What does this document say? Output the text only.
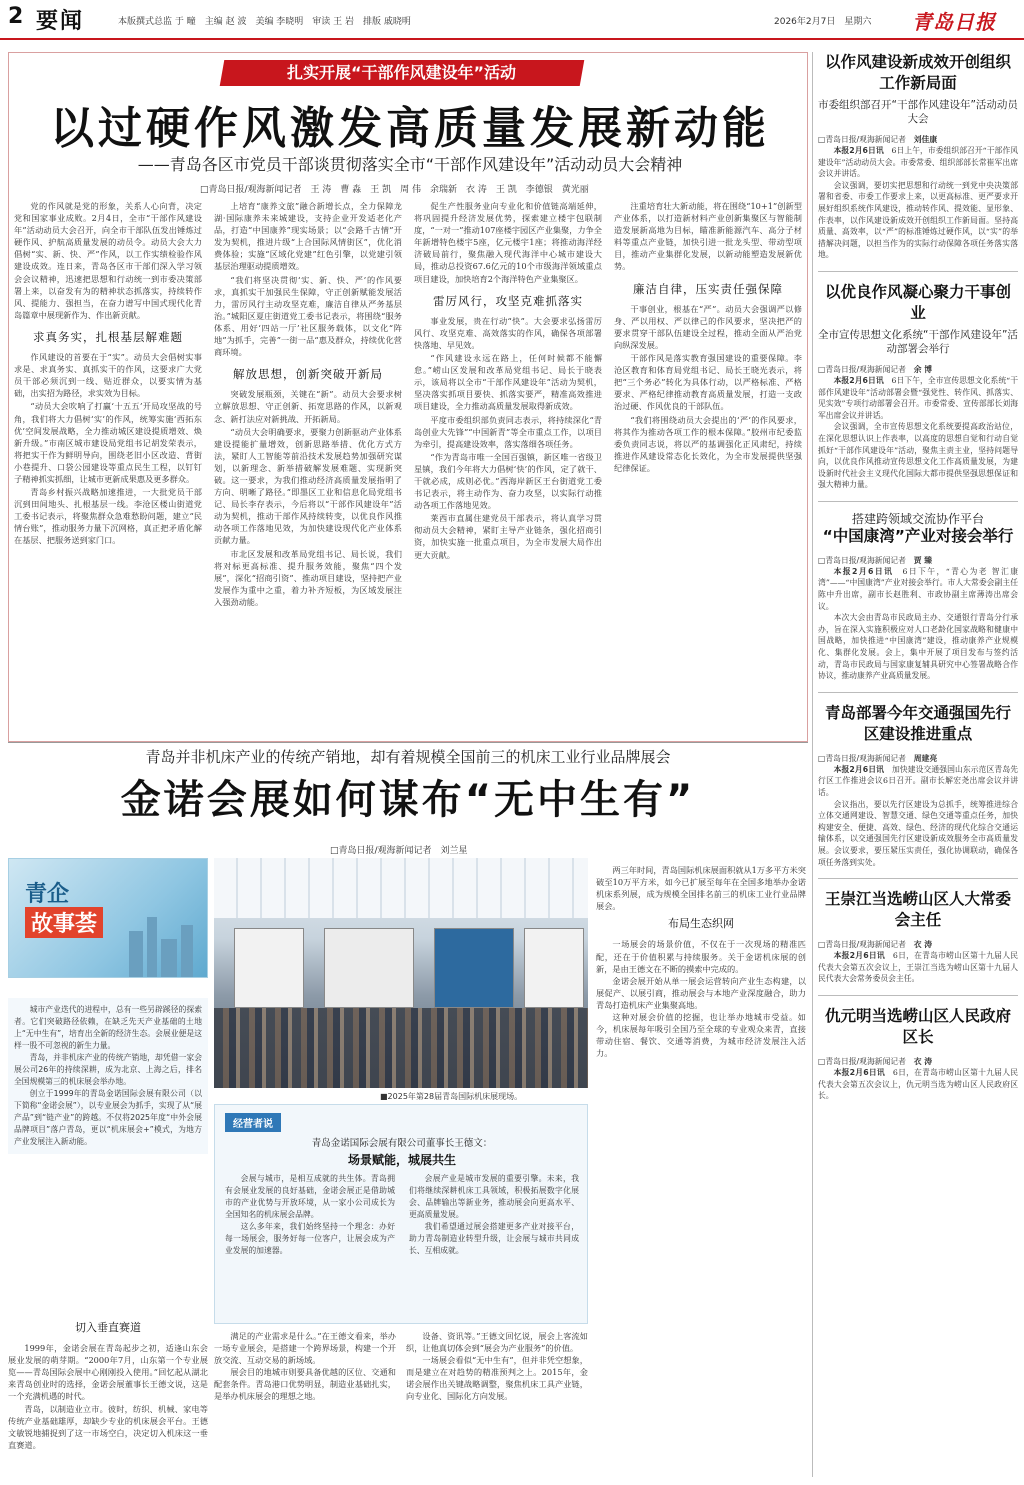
2 要闻	本版撰式总监 于 疃　主编 赵 波　美编 李晓明　审读 王 岩　排版 戚晓明	2026年2月7日　星期六 青岛日报
扎实开展“干部作风建设年”活动
以过硬作风激发高质量发展新动能
——青岛各区市党员干部谈贯彻落实全市“干部作风建设年”活动动员大会精神
□青岛日报/观海新闻记者　王 涛　曹 淼　王 凯　周 伟　余瑞新　衣 涛　王 凯　李德银　黄光丽

党的作风就是党的形象，关系人心向背，决定党和国家事业成败。2月4日，全市“干部作风建设年”活动动员大会召开，向全市干部队伍发出锤炼过硬作风、护航高质量发展的动员令。动员大会大力倡树“实、新、快、严”作风，以工作实绩检验作风建设成效。连日来，青岛各区市干部们深入学习领会会议精神，迅速把思想和行动统一到市委决策部署上来，以奋发有为的精神状态抓落实，持续转作风、提能力、强担当，在奋力谱写中国式现代化青岛篇章中展现新作为、作出新贡献。

求真务实，扎根基层解难题

作风建设的首要在于“实”。动员大会倡树实事求是、求真务实、真抓实干的作风，这要求广大党员干部必须沉到一线、贴近群众，以要实情为基础，出实招为路径，求实效为目标。

“动员大会吹响了打赢‘十五五’开局攻坚战的号角，我们将大力倡树‘实’的作风，统筹实施‘西拓东优’空间发展战略，全力推动城区建设提质增效、焕新升级。”市南区城市建设局党组书记胡发荣表示，将把实干作为鲜明导向，围绕老旧小区改造、背街小巷提升、口袋公园建设等重点民生工程，以钉钉子精神抓实抓细，让城市更新成果惠及更多群众。

青岛乡村振兴战略加速推进，一大批党员干部沉到田间地头、扎根基层一线。李沧区楼山街道党工委书记表示，将聚焦群众急难愁盼问题，建立“民情台账”，推动服务力量下沉网格，真正把矛盾化解在基层、把服务送到家门口。

上培育“康养文旅”融合新增长点，全力保障龙湖·国际康养未来城建设，支持企业开发适老化产品，打造“中国康养”现实场景；以“会路千古情”开发为契机，推进片级“上合国际风情街区”，优化消费体验；实施“区域化党建”红色引擎，以党建引领基层治理驱动提质增效。

“我们将坚决贯彻‘实、新、快、严’的作风要求，真抓实干加强民生保障，守正创新赋能发展活力，雷厉风行主动攻坚克难，廉洁自律从严务基层治。”城阳区夏庄街道党工委书记表示，将围绕“服务体系、用好‘四站一厅’社区服务载体，以文化“阵地”为抓手，完善”一街一品“惠及群众，持续优化营商环境。

解放思想，创新突破开新局

突破发展瓶颈，关键在“新”。动员大会要求树立解放思想、守正创新、拓宽思路的作风，以新观念、新打法应对新挑战、开拓新局。

“动员大会明确要求，要聚力创新驱动产业体系建设提能扩量增效，创新思路举措、优化方式方法，紧盯人工智能等前沿技术发展趋势加强研究谋划，以新理念、新举措破解发展难题、实现新突破。这一要求，为我们推动经济高质量发展指明了方向、明晰了路径。”即墨区工业和信息化局党组书记、局长李存表示，今后将以“干部作风建设年”活动为契机，推动干部作风持续转变，以优良作风推动各项工作落地见效，为加快建设现代化产业体系贡献力量。

市北区发展和改革局党组书记、局长说，我们将对标更高标准、提升服务效能，聚焦“四个发展”，深化“招商引资”、推动项目建设，坚持把产业发展作为重中之重，着力补齐短板，为区域发展注入强劲动能。

促生产性服务业向专业化和价值链高端延伸，将巩固提升经济发展优势，探索建立楼宇包联制度，“一对一”推动107座楼宇园区产业集聚，力争全年新增特色楼宇5座，亿元楼宇1座；将推动海洋经济破局前行，聚焦融入现代海洋中心城市建设大局，推动总投资67.6亿元的10个市级海洋领域重点项目建设，加快培育2个海洋特色产业集聚区。

雷厉风行，攻坚克难抓落实

事业发展，贵在行动“快”。大会要求弘扬雷厉风行、攻坚克难、高效落实的作风，确保各项部署快落地、早见效。

“作风建设永远在路上，任何时候都不能懈怠。”崂山区发展和改革局党组书记、局长于晓表示，该局将以全市“干部作风建设年”活动为契机，坚决落实抓项目要快、抓落实要严，精准高效推进项目建设，全力推动高质量发展取得新成效。

平度市委组织部负责同志表示，将持续深化“青岛创业大先锋”“中国新青”等全市重点工作，以项目为牵引，提高建设效率，落实落细各项任务。

“作为青岛市唯一全国百强镇，新区唯一省级卫星镇，我们今年将大力倡树‘快’的作风，定了就干、干就必成，成则必优。”西海岸新区王台街道党工委书记表示，将主动作为、奋力攻坚，以实际行动推动各项工作落地见效。

莱西市直属住建党员干部表示，将认真学习贯彻动员大会精神，紧盯主导产业链条，强化招商引资，加快实施一批重点项目，为全市发展大局作出更大贡献。

注重培育壮大新动能，将在围绕“10+1”创新型产业体系，以打造新材料产业创新集聚区与智能制造发展新高地为目标，瞄准新能源汽车、高分子材料等重点产业链，加快引进一批龙头型、带动型项目，推动产业集群化发展，以新动能塑造发展新优势。

廉洁自律，压实责任强保障

干事创业，根基在“严”。动员大会强调严以修身、严以用权、严以律己的作风要求，坚决把严的要求贯穿干部队伍建设全过程，推动全面从严治党向纵深发展。

干部作风是落实教育强国建设的重要保障。李沧区教育和体育局党组书记、局长王晓光表示，将把“三个务必”转化为具体行动，以严格标准、严格要求、严格纪律推动教育高质量发展，打造一支政治过硬、作风优良的干部队伍。

“我们将围绕动员大会提出的‘严’的作风要求，将其作为推动各项工作的根本保障。”胶州市纪委监委负责同志说，将以严的基调强化正风肃纪，持续推进作风建设常态化长效化，为全市发展提供坚强纪律保证。

以作风建设新成效开创组织工作新局面
市委组织部召开“干部作风建设年”活动动员大会
□青岛日报/观海新闻记者　 刘佳康

本报2月6日讯　 6日上午，市委组织部召开“干部作风建设年”活动动员大会。市委常委、组织部部长常崔军出席会议并讲话。

会议强调，要切实把思想和行动统一到党中央决策部署和省委、市委工作要求上来，以更高标准、更严要求开展好组织系统作风建设，推动转作风、提效能、显形象、作表率，以作风建设新成效开创组织工作新局面。坚持高质量、高效率，以“严”的标准锤炼过硬作风，以“实”的举措解决问题，以担当作为的实际行动保障各项任务落实落地。

以优良作风凝心聚力干事创业
全市宣传思想文化系统“干部作风建设年”活动部署会举行
□青岛日报/观海新闻记者　 余 博

本报2月6日讯　 6日下午，全市宣传思想文化系统“干部作风建设年”活动部署会暨“强党性、转作风、抓落实、见实效”专项行动部署会召开。市委常委、宣传部部长刘海军出席会议并讲话。

会议强调，全市宣传思想文化系统要提高政治站位，在深化思想认识上作表率，以高度的思想自觉和行动自觉抓好“干部作风建设年”活动，聚焦主责主业，坚持问题导向，以优良作风推动宣传思想文化工作高质量发展，为建设新时代社会主义现代化国际大都市提供坚强思想保证和强大精神力量。

搭建跨领域交流协作平台
“中国康湾”产业对接会举行
□青岛日报/观海新闻记者　 贾 臻

本报2月6日讯　 6日下午，“青心为老 智汇康湾”——“中国康湾”产业对接会举行。市人大常委会副主任陈中升出席，副市长赵胜利、市政协副主席薄涛出席会议。

本次大会由青岛市民政局主办、交通银行青岛分行承办，旨在深入实施积极应对人口老龄化国家战略和健康中国战略，加快推进“中国康湾”建设，推动康养产业规模化、集群化发展。会上，集中开展了项目发布与签约活动，青岛市民政局与国家康复辅具研究中心签署战略合作协议，推动康养产业高质量发展。

青岛部署今年交通强国先行区建设推进重点
□青岛日报/观海新闻记者　 周建亮

本报2月6日讯　 加快建设交通强国山东示范区青岛先行区工作推进会议6日召开。副市长解宏尧出席会议并讲话。

会议指出，要以先行区建设为总抓手，统筹推进综合立体交通网建设、智慧交通、绿色交通等重点任务，加快构建安全、便捷、高效、绿色、经济的现代化综合交通运输体系，以交通强国先行区建设新成效服务全市高质量发展。会议要求，要压紧压实责任，强化协调联动，确保各项任务落到实处。

王崇江当选崂山区人大常委会主任
□青岛日报/观海新闻记者　 衣 涛

本报2月6日讯　 6日，在青岛市崂山区第十九届人民代表大会第五次会议上，王崇江当选为崂山区第十九届人民代表大会常务委员会主任。

仇元明当选崂山区人民政府区长
□青岛日报/观海新闻记者　 衣 涛

本报2月6日讯　 6日，在青岛市崂山区第十九届人民代表大会第五次会议上，仇元明当选为崂山区人民政府区长。

青岛并非机床产业的传统产销地，却有着规模全国前三的机床工业行业品牌展会
金诺会展如何谋布“无中生有”
□青岛日报/观海新闻记者　刘兰星
青企
故事荟

城市产业迭代的进程中，总有一些另辟蹊径的探索者。它们突破路径依赖，在缺乏先天产业基础的土地上“无中生有”，培育出全新的经济生态。会展业便是这样一股不可忽视的新生力量。

青岛，并非机床产业的传统产销地，却凭借一家会展公司26年的持续深耕，成为北京、上海之后，排名全国规模第三的机床展会举办地。

创立于1999年的青岛金诺国际会展有限公司（以下简称“金诺会展”），以专业展会为抓手，实现了从“展产品”到“链产业”的跨越。不仅将2025年度“中外会展品牌项目”落户青岛，更以“机床展会+”模式，为地方产业发展注入新动能。

■2025年第28届青岛国际机床展现场。
经营者说
青岛金诺国际会展有限公司董事长王德文：
场景赋能，城展共生

会展与城市，是相互成就的共生体。青岛拥有会展业发展的良好基础，金诺会展正是借助城市的产业优势与开放环境，从一家小公司成长为全国知名的机床展会品牌。

这么多年来，我们始终坚持一个理念：办好每一场展会，服务好每一位客户，让展会成为产业发展的加速器。

会展产业是城市发展的重要引擎。未来，我们将继续深耕机床工具领域，积极拓展数字化展会、品牌输出等新业务，推动展会向更高水平、更高质量发展。

我们希望通过展会搭建更多产业对接平台，助力青岛制造业转型升级，让会展与城市共同成长、互相成就。

切入垂直赛道

1999年，金诺会展在青岛起步之初，适逢山东会展业发展的萌芽期。“2000年7月，山东第一个专业展览——青岛国际会展中心刚刚投入使用。”回忆起从湖北来青岛创业时的选择，金诺会展董事长王德文说，这是一个充满机遇的时代。

青岛，以制造业立市。彼时，纺织、机械、家电等传统产业基础雄厚，却缺少专业的机床展会平台。王德文敏锐地捕捉到了这一市场空白，决定切入机床这一垂直赛道。

满足的产业需求是什么。”在王德文看来，举办一场专业展会，是搭建一个跨界场景，构建一个开放交流、互动交易的新场域。

展会目的地城市则要具备优越的区位、交通和配套条件。青岛港口优势明显，制造业基础扎实，是举办机床展会的理想之地。

设备、资讯等。”王德文回忆说，展会上客流如织，让他真切体会到“展会为产业服务”的价值。

一场展会看似“无中生有”，但并非凭空想象，而是建立在对趋势的精准预判之上。2015年，金诺会展作出关键战略调整，聚焦机床工具产业链，向专业化、国际化方向发展。

两三年时间，青岛国际机床展面积就从1万多平方米突破至10万平方米，如今已扩展至每年在全国多地举办金诺机床系列展，成为规模全国排名前三的机床工业行业品牌展会。

布局生态织网

一场展会的场景价值，不仅在于一次现场的精准匹配，还在于价值积累与持续服务。关于金诺机床展的创新，是由王德文在不断的摸索中完成的。

金诺会展开始从单一展会运营转向产业生态构建，以展促产、以展引商，推动展会与本地产业深度融合，助力青岛打造机床产业集聚高地。

这种对展会价值的挖掘，也让举办地城市受益。如今，机床展每年吸引全国乃至全球的专业观众来青，直接带动住宿、餐饮、交通等消费，为城市经济发展注入活力。
